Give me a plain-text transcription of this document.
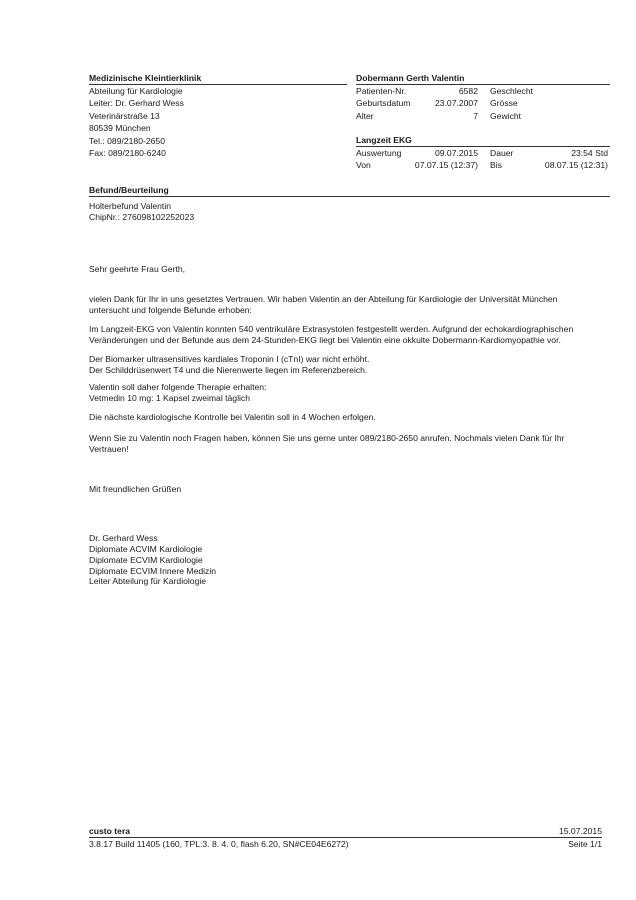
Medizinische Kleintierklinik
Abteilung für Kardiologie
Leiter: Dr. Gerhard Wess
Veterinärstraße 13
80539 München
Tel.: 089/2180-2650
Fax: 089/2180-6240
Dobermann Gerth Valentin
Patienten-Nr.	6582 Geschlecht
Geburtsdatum	23.07.2007 Grösse
Alter	7 Gewicht
Langzeit EKG
Auswertung	09.07.2015 Dauer	23:54 Std
Von	07.07.15 (12:37) Bis	08.07.15 (12:31)
Befund/Beurteilung
Holterbefund Valentin
ChipNr.: 276098102252023
Sehr geehrte Frau Gerth,
vielen Dank für Ihr in uns gesetztes Vertrauen. Wir haben Valentin an der Abteilung für Kardiologie der Universität München
untersucht und folgende Befunde erhoben:
Im Langzeit-EKG von Valentin konnten 540 ventrikuläre Extrasystolen festgestellt werden. Aufgrund der echokardiographischen
Veränderungen und der Befunde aus dem 24-Stunden-EKG liegt bei Valentin eine okkulte Dobermann-Kardiomyopathie vor.
Der Biomarker ultrasensitives kardiales Troponin I (cTnI) war nicht erhöht.
Der Schilddrüsenwert T4 und die Nierenwerte liegen im Referenzbereich.
Valentin soll daher folgende Therapie erhalten:
Vetmedin 10 mg: 1 Kapsel zweimal täglich
Die nächste kardiologische Kontrolle bei Valentin soll in 4 Wochen erfolgen.
Wenn Sie zu Valentin noch Fragen haben, können Sie uns gerne unter 089/2180-2650 anrufen. Nochmals vielen Dank für Ihr
Vertrauen!
Mit freundlichen Grüßen
Dr. Gerhard Wess
Diplomate ACVIM Kardiologie
Diplomate ECVIM Kardiologie
Diplomate ECVIM Innere Medizin
Leiter Abteilung für Kardiologie
custo tera	15.07.2015
3.8.17 Build 11405 (160, TPL:3. 8. 4. 0, flash 6.20, SN#CE04E6272)	Seite 1/1
